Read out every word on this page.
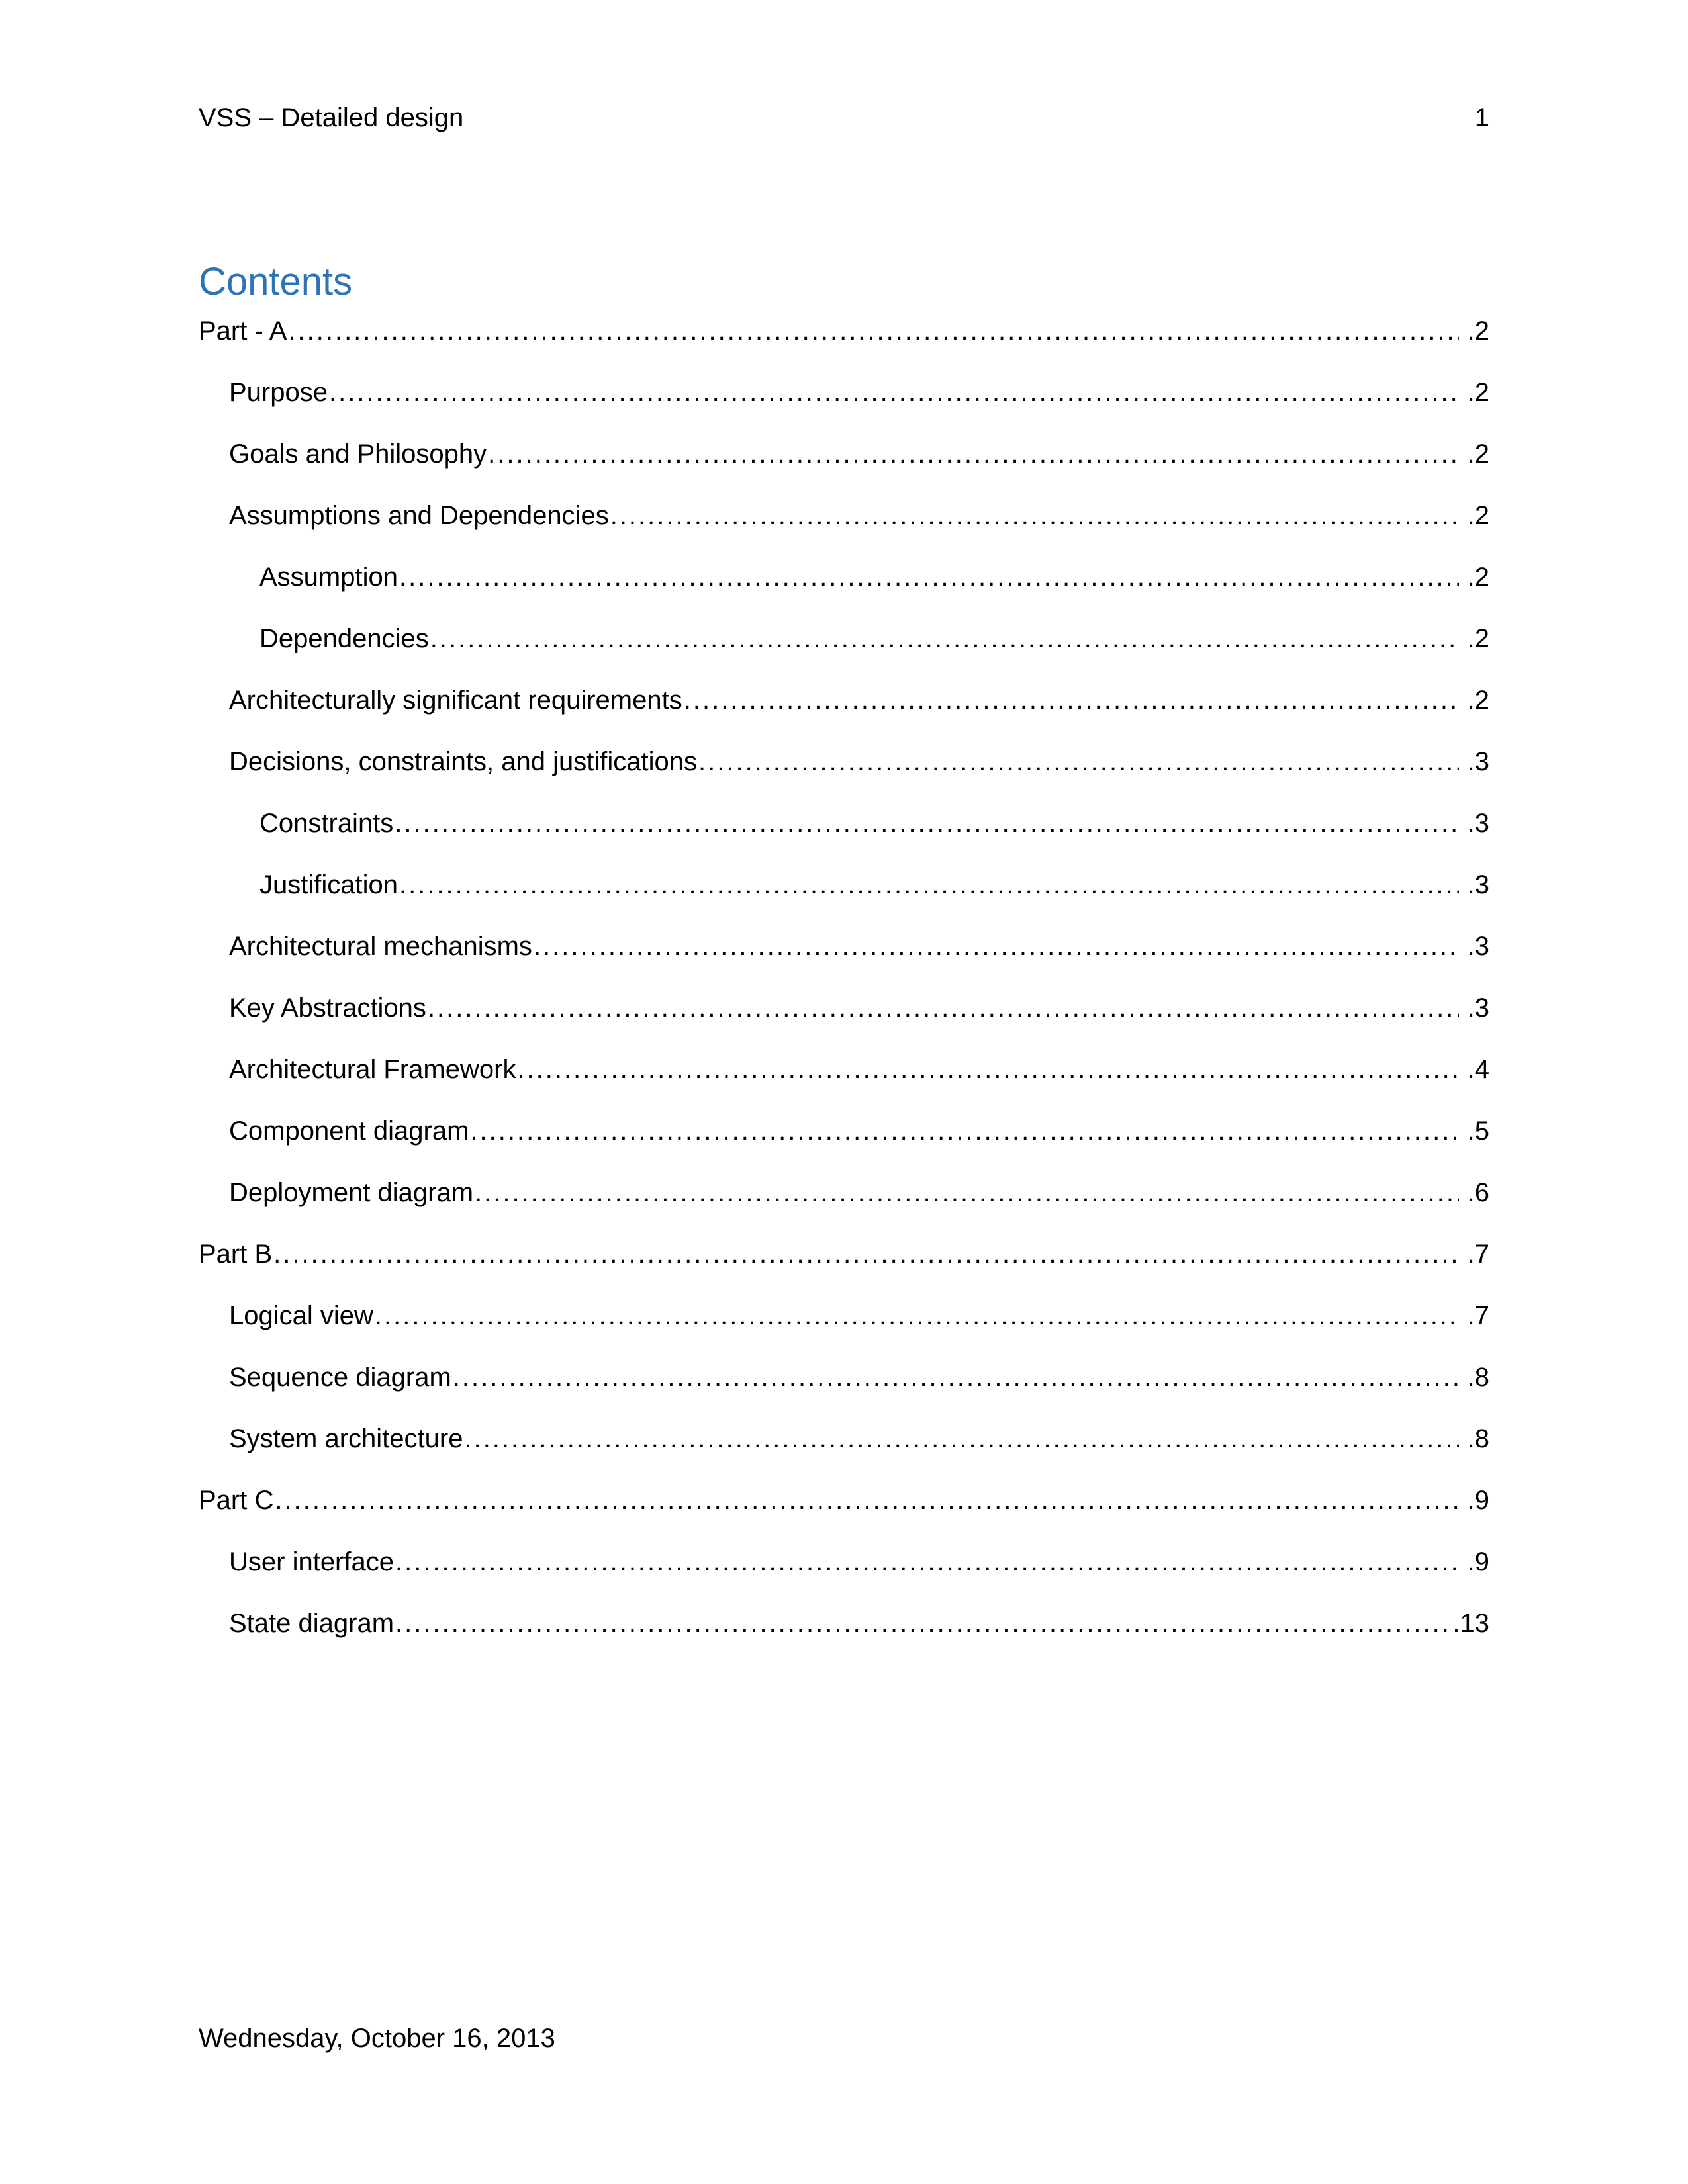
VSS – Detailed design	1
Contents
Part - A .....	.2
Purpose .....	.2
Goals and Philosophy .....	.2
Assumptions and Dependencies .....	.2
Assumption .....	.2
Dependencies .....	.2
Architecturally significant requirements .....	.2
Decisions, constraints, and justifications .....	.3
Constraints .....	.3
Justification .....	.3
Architectural mechanisms .....	.3
Key Abstractions .....	.3
Architectural Framework .....	.4
Component diagram .....	.5
Deployment diagram .....	.6
Part B .....	.7
Logical view .....	.7
Sequence diagram .....	.8
System architecture .....	.8
Part C .....	.9
User interface .....	.9
State diagram .....	.13
Wednesday, October 16, 2013
